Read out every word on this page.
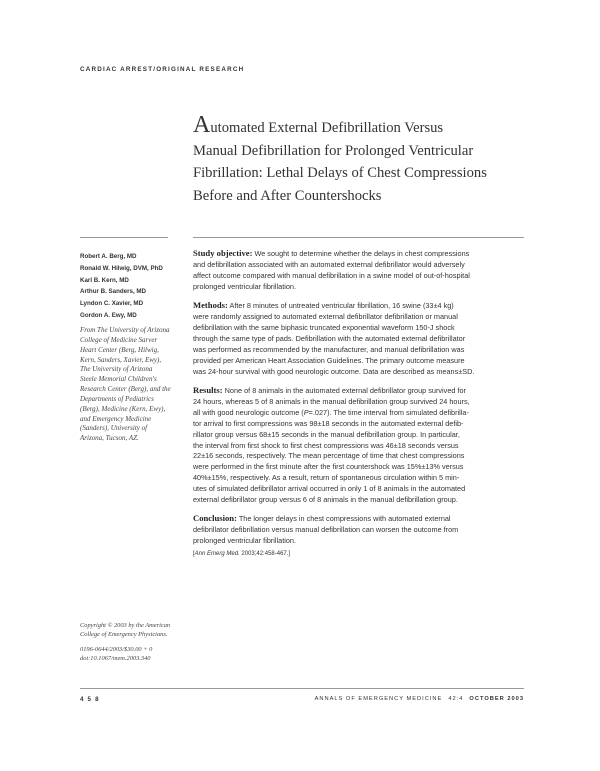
CARDIAC ARREST/ORIGINAL RESEARCH
Automated External Defibrillation Versus
Manual Defibrillation for Prolonged Ventricular
Fibrillation: Lethal Delays of Chest Compressions
Before and After Countershocks
Robert A. Berg, MD
Ronald W. Hilwig, DVM, PhD
Karl B. Kern, MD
Arthur B. Sanders, MD
Lyndon C. Xavier, MD
Gordon A. Ewy, MD
From The University of Arizona
College of Medicine Sarver
Heart Center (Berg, Hilwig,
Kern, Sanders, Xavier, Ewy),
The University of Arizona
Steele Memorial Children's
Research Center (Berg), and the
Departments of Pediatrics
(Berg), Medicine (Kern, Ewy),
and Emergency Medicine
(Sanders), University of
Arizona, Tucson, AZ.
Copyright © 2003 by the American
College of Emergency Physicians.
0196-0644/2003/$30.00 + 0
doi:10.1067/mem.2003.340
Study objective: We sought to determine whether the delays in chest compressions
and defibrillation associated with an automated external defibrillator would adversely
affect outcome compared with manual defibrillation in a swine model of out-of-hospital
prolonged ventricular fibrillation.
Methods: After 8 minutes of untreated ventricular fibrillation, 16 swine (33±4 kg)
were randomly assigned to automated external defibrillator defibrillation or manual
defibrillation with the same biphasic truncated exponential waveform 150-J shock
through the same type of pads. Defibrillation with the automated external defibrillator
was performed as recommended by the manufacturer, and manual defibrillation was
provided per American Heart Association Guidelines. The primary outcome measure
was 24-hour survival with good neurologic outcome. Data are described as means±SD.
Results: None of 8 animals in the automated external defibrillator group survived for
24 hours, whereas 5 of 8 animals in the manual defibrillation group survived 24 hours,
all with good neurologic outcome (P=.027). The time interval from simulated defibrilla-
tor arrival to first compressions was 98±18 seconds in the automated external defib-
rillator group versus 68±15 seconds in the manual defibrillation group. In particular,
the interval from first shock to first chest compressions was 46±18 seconds versus
22±16 seconds, respectively. The mean percentage of time that chest compressions
were performed in the first minute after the first countershock was 15%±13% versus
40%±15%, respectively. As a result, return of spontaneous circulation within 5 min-
utes of simulated defibrillator arrival occurred in only 1 of 8 animals in the automated
external defibrillator group versus 6 of 8 animals in the manual defibrillation group.
Conclusion: The longer delays in chest compressions with automated external
defibrillator defibrillation versus manual defibrillation can worsen the outcome from
prolonged ventricular fibrillation.
[Ann Emerg Med. 2003;42:458-467.]
4 5 8	ANNALS OF EMERGENCY MEDICINE 42:4 OCTOBER 2003
